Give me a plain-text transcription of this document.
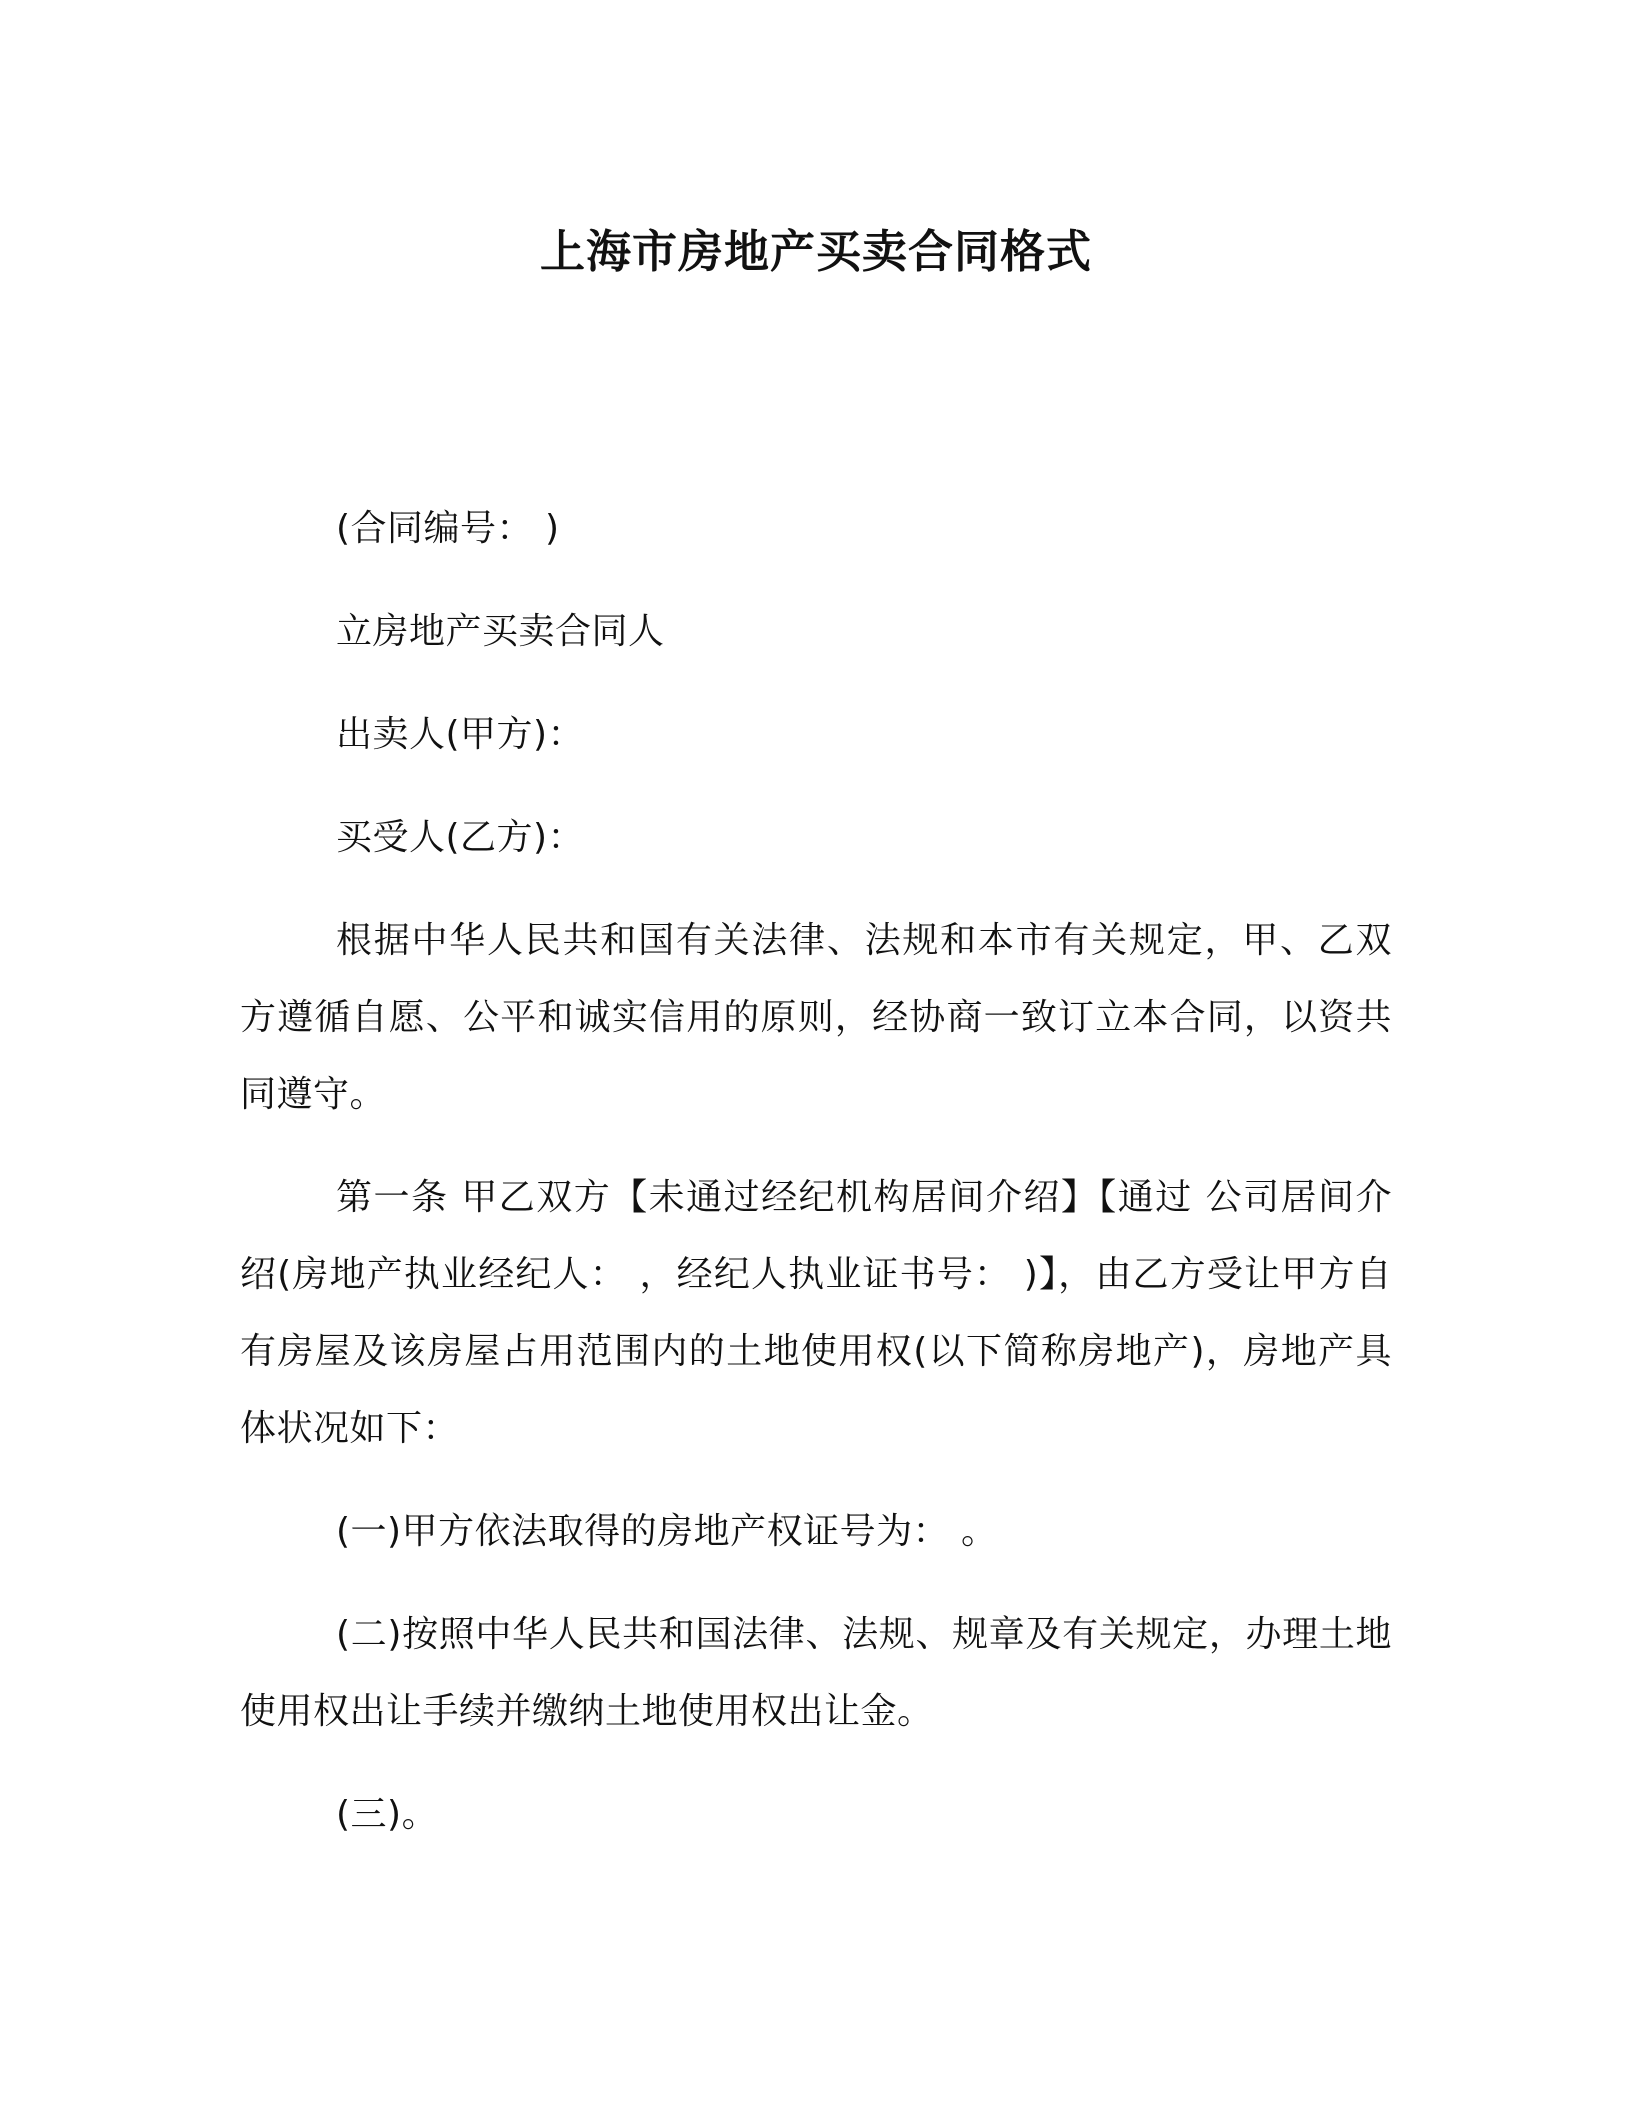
上海市房地产买卖合同格式

(合同编号： )

立房地产买卖合同人

出卖人(甲方)：

买受人(乙方)：

根据中华人民共和国有关法律、法规和本市有关规定，甲、乙双方遵循自愿、公平和诚实信用的原则，经协商一致订立本合同，以资共同遵守。

第一条 甲乙双方【未通过经纪机构居间介绍】【通过 公司居间介绍(房地产执业经纪人： ，经纪人执业证书号： )】，由乙方受让甲方自有房屋及该房屋占用范围内的土地使用权(以下简称房地产)，房地产具体状况如下：

(一)甲方依法取得的房地产权证号为： 。

(二)按照中华人民共和国法律、法规、规章及有关规定，办理土地使用权出让手续并缴纳土地使用权出让金。

(三)。
